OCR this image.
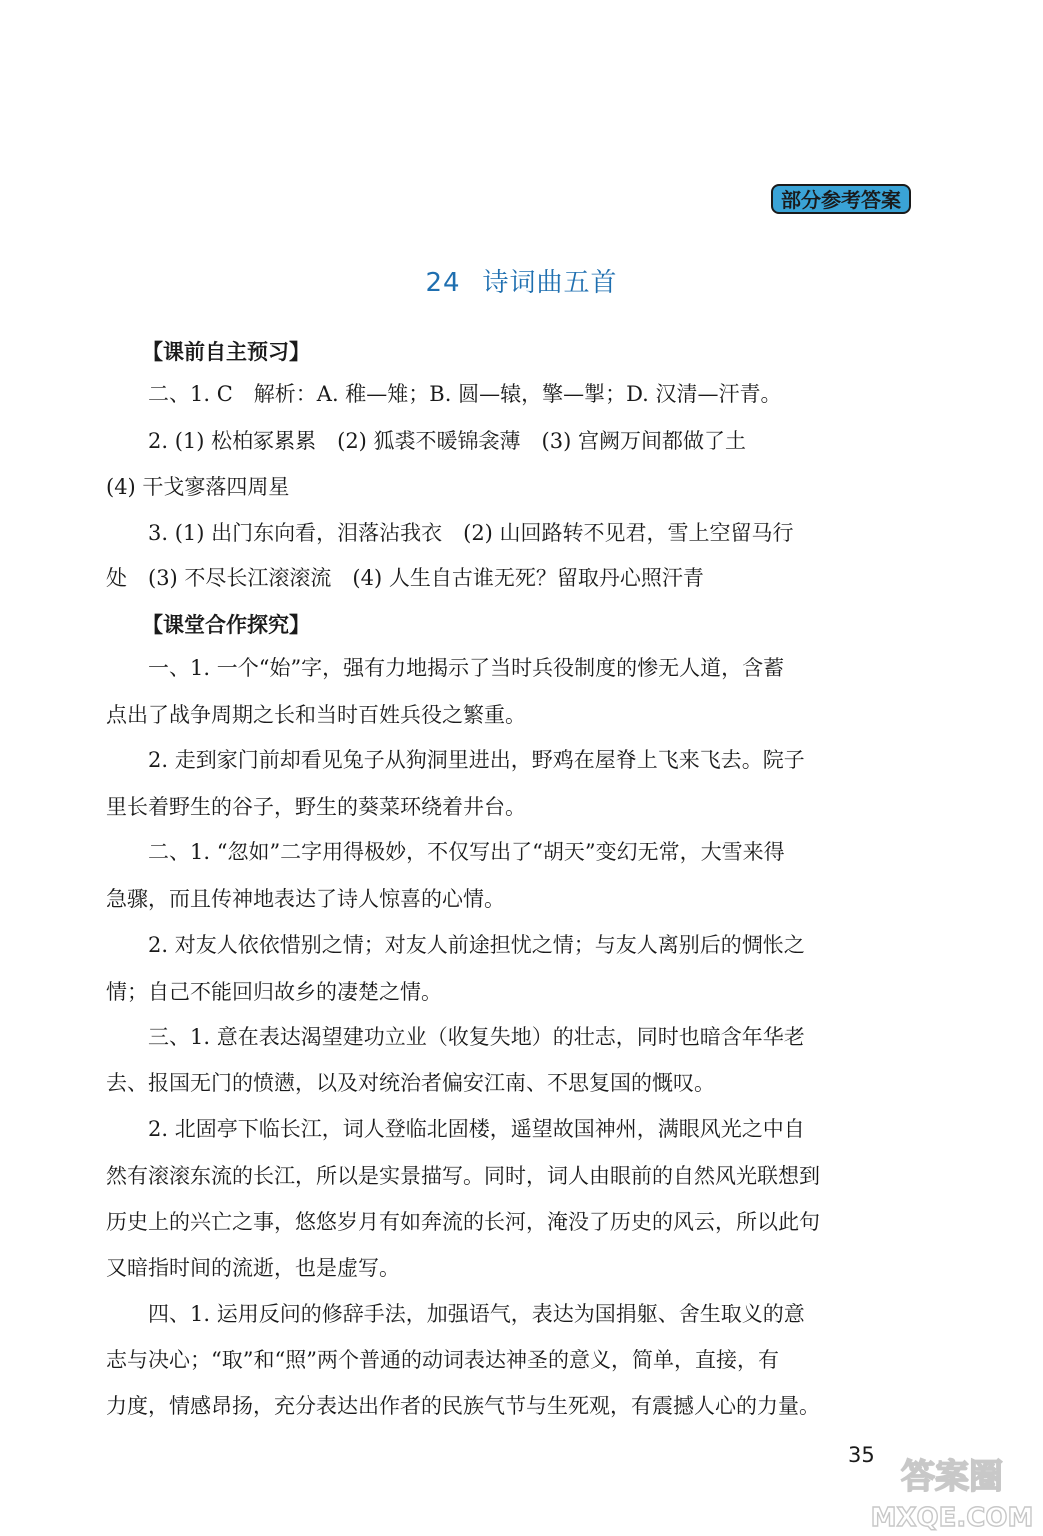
部分参考答案
24 诗词曲五首
【课前自主预习】
二、1. C　解析：A. 稚—雉；B. 圆—辕，擎—掣；D. 汉清—汗青。
2. (1) 松柏冢累累　(2) 狐裘不暖锦衾薄　(3) 宫阙万间都做了土
(4) 干戈寥落四周星
3. (1) 出门东向看，泪落沾我衣　(2) 山回路转不见君，雪上空留马行
处　(3) 不尽长江滚滚流　(4) 人生自古谁无死？留取丹心照汗青
【课堂合作探究】
一、1. 一个“始”字，强有力地揭示了当时兵役制度的惨无人道，含蓄
点出了战争周期之长和当时百姓兵役之繁重。
2. 走到家门前却看见兔子从狗洞里进出，野鸡在屋脊上飞来飞去。院子
里长着野生的谷子，野生的葵菜环绕着井台。
二、1. “忽如”二字用得极妙，不仅写出了“胡天”变幻无常，大雪来得
急骤，而且传神地表达了诗人惊喜的心情。
2. 对友人依依惜别之情；对友人前途担忧之情；与友人离别后的惆怅之
情；自己不能回归故乡的凄楚之情。
三、1. 意在表达渴望建功立业（收复失地）的壮志，同时也暗含年华老
去、报国无门的愤懑，以及对统治者偏安江南、不思复国的慨叹。
2. 北固亭下临长江，词人登临北固楼，遥望故国神州，满眼风光之中自
然有滚滚东流的长江，所以是实景描写。同时，词人由眼前的自然风光联想到
历史上的兴亡之事，悠悠岁月有如奔流的长河，淹没了历史的风云，所以此句
又暗指时间的流逝，也是虚写。
四、1. 运用反问的修辞手法，加强语气，表达为国捐躯、舍生取义的意
志与决心；“取”和“照”两个普通的动词表达神圣的意义，简单，直接，有
力度，情感昂扬，充分表达出作者的民族气节与生死观，有震撼人心的力量。
35
答案圈
MXQE.COM
